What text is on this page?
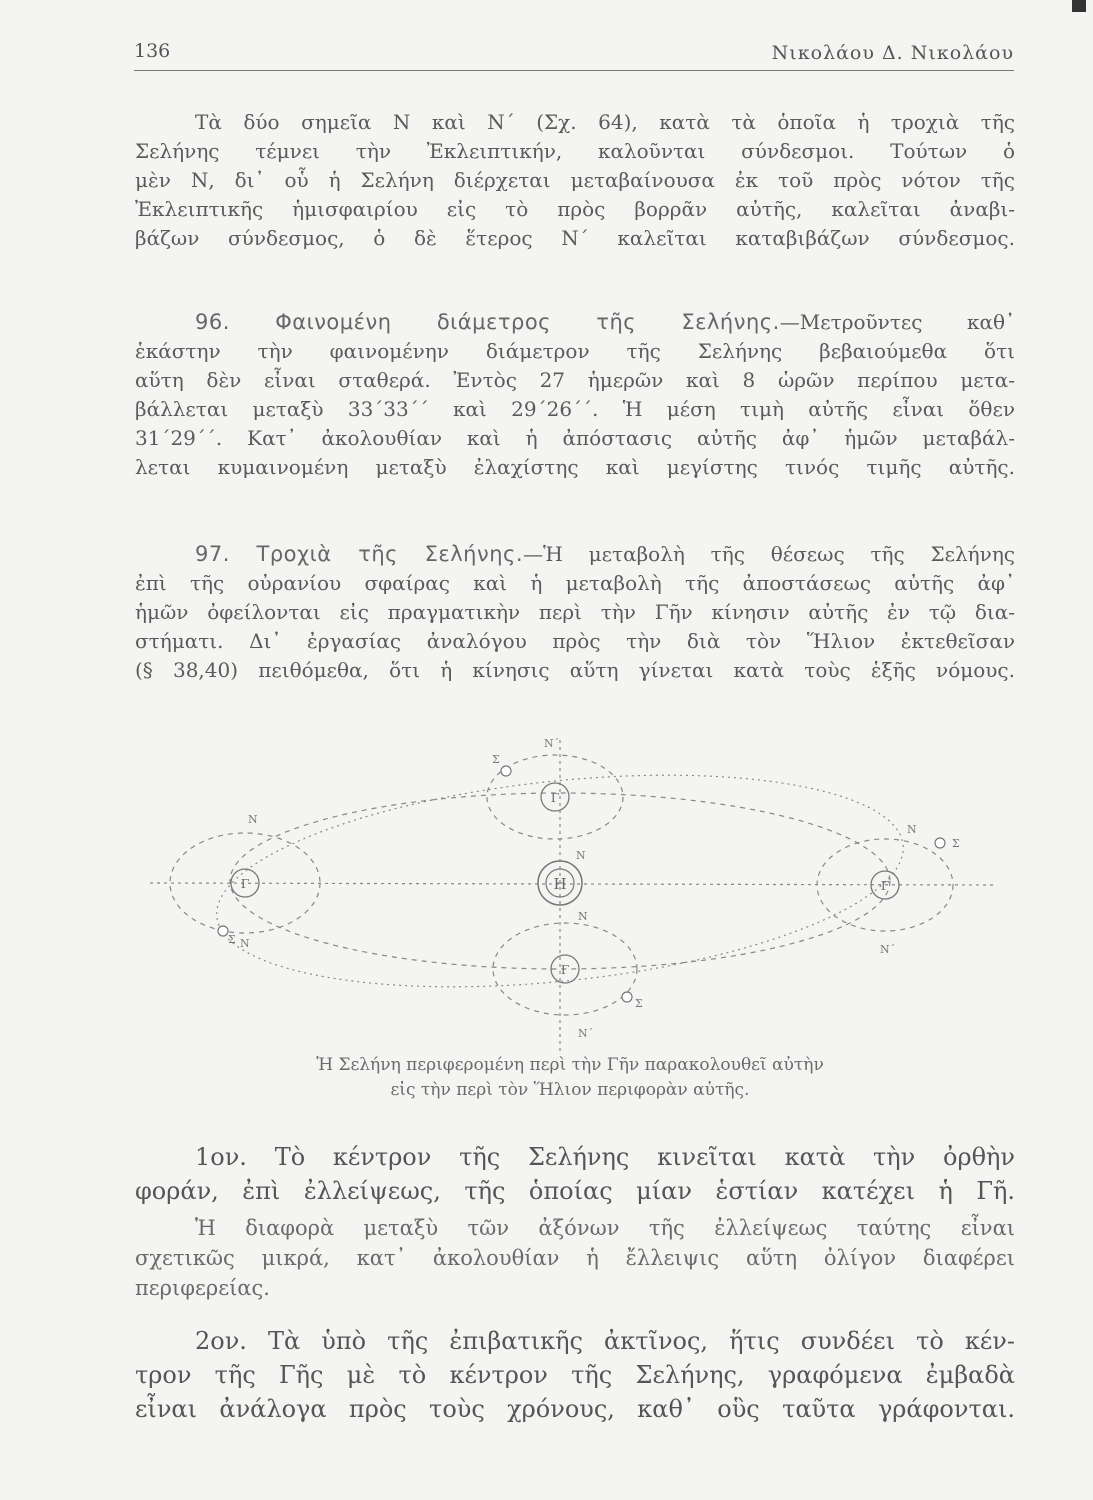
136	Νικολάου Δ. Νικολάου

Τὰ δύο σημεῖα Ν καὶ Ν΄ (Σχ. 64), κατὰ τὰ ὁποῖα ἡ τροχιὰ τῆς
Σελήνης τέμνει τὴν Ἐκλειπτικήν, καλοῦνται σύνδεσμοι. Τούτων ὁ
μὲν Ν, δι᾽ οὗ ἡ Σελήνη διέρχεται μεταβαίνουσα ἐκ τοῦ πρὸς νότον τῆς
Ἐκλειπτικῆς ἡμισφαιρίου εἰς τὸ πρὸς βορρᾶν αὐτῆς, καλεῖται ἀναβι-
βάζων σύνδεσμος, ὁ δὲ ἕτερος Ν΄ καλεῖται καταβιβάζων σύνδεσμος.

96. Φαινομένη διάμετρος τῆς Σελήνης.—Μετροῦντες καθ᾽
ἑκάστην τὴν φαινομένην διάμετρον τῆς Σελήνης βεβαιούμεθα ὅτι
αὕτη δὲν εἶναι σταθερά. Ἐντὸς 27 ἡμερῶν καὶ 8 ὡρῶν περίπου μετα-
βάλλεται μεταξὺ 33΄33΄΄ καὶ 29΄26΄΄. Ἡ μέση τιμὴ αὐτῆς εἶναι ὅθεν
31΄29΄΄. Κατ᾽ ἀκολουθίαν καὶ ἡ ἀπόστασις αὐτῆς ἀφ᾽ ἡμῶν μεταβάλ-
λεται κυμαινομένη μεταξὺ ἐλαχίστης καὶ μεγίστης τινός τιμῆς αὐτῆς.

97. Τροχιὰ τῆς Σελήνης.—Ἡ μεταβολὴ τῆς θέσεως τῆς Σελήνης
ἐπὶ τῆς οὐρανίου σφαίρας καὶ ἡ μεταβολὴ τῆς ἀποστάσεως αὐτῆς ἀφ᾽
ἡμῶν ὀφείλονται εἰς πραγματικὴν περὶ τὴν Γῆν κίνησιν αὐτῆς ἐν τῷ δια-
στήματι. Δι᾽ ἐργασίας ἀναλόγου πρὸς τὴν διὰ τὸν Ἥλιον ἐκτεθεῖσαν
(§ 38,40) πειθόμεθα, ὅτι ἡ κίνησις αὕτη γίνεται κατὰ τοὺς ἑξῆς νόμους.

Η
Γ
Γ
Γ
Γ
Σ
Σ
Σ
Σ
Ν΄
Ν
Ν
Ν΄
Ν΄
Ν
Ν
Ν
Ἡ Σελήνη περιφερομένη περὶ τὴν Γῆν παρακολουθεῖ αὐτὴν
εἰς τὴν περὶ τὸν Ἥλιον περιφορὰν αὐτῆς.

1ον. Τὸ κέντρον τῆς Σελήνης κινεῖται κατὰ τὴν ὀρθὴν
φοράν, ἐπὶ ἐλλείψεως, τῆς ὁποίας μίαν ἑστίαν κατέχει ἡ Γῆ.

Ἡ διαφορὰ μεταξὺ τῶν ἀξόνων τῆς ἐλλείψεως ταύτης εἶναι
σχετικῶς μικρά, κατ᾽ ἀκολουθίαν ἡ ἔλλειψις αὕτη ὀλίγον διαφέρει
περιφερείας.

2ον. Τὰ ὑπὸ τῆς ἐπιβατικῆς ἀκτῖνος, ἥτις συνδέει τὸ κέν-
τρον τῆς Γῆς μὲ τὸ κέντρον τῆς Σελήνης, γραφόμενα ἐμβαδὰ
εἶναι ἀνάλογα πρὸς τοὺς χρόνους, καθ᾽ οὓς ταῦτα γράφονται.
